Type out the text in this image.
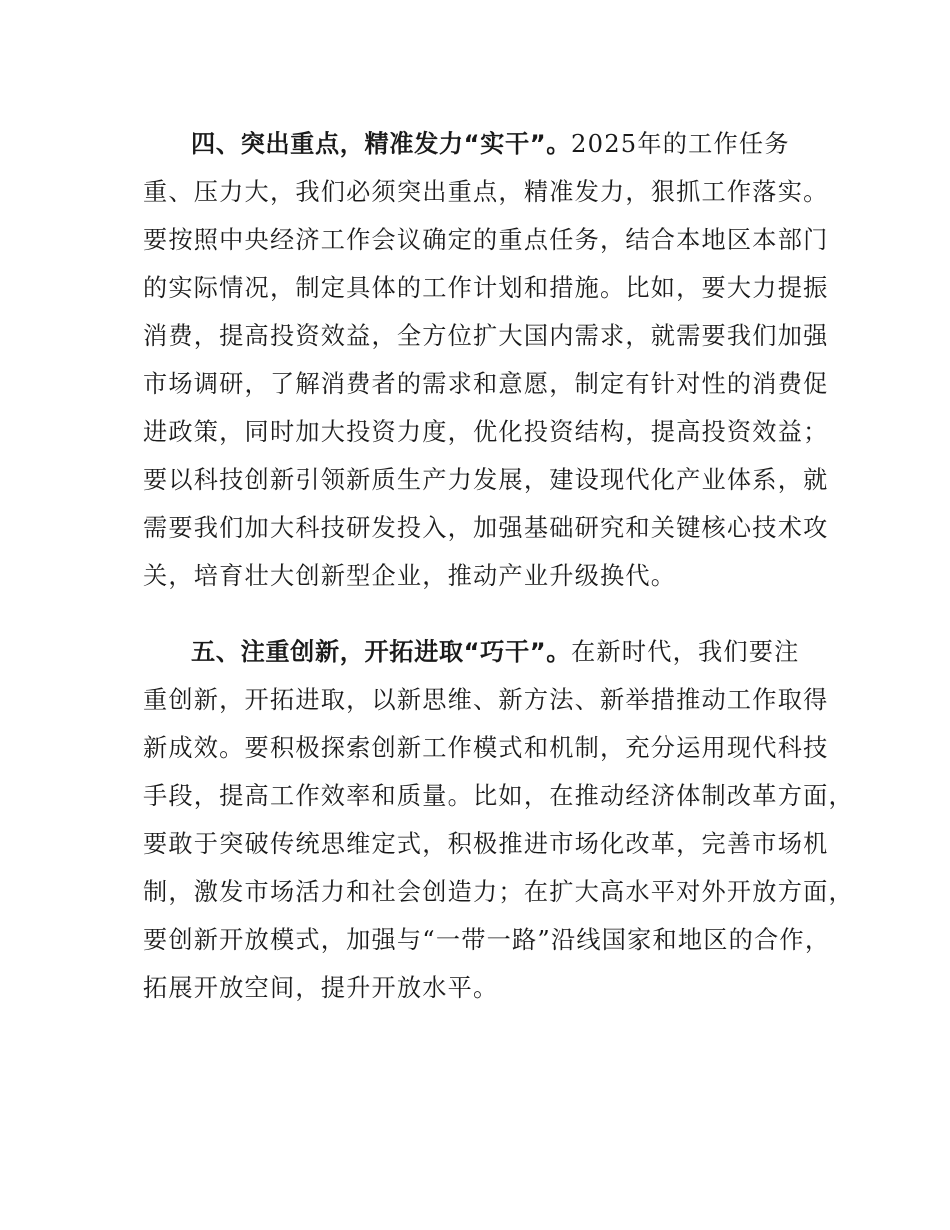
四、突出重点，精准发力“实干”。2025年的工作任务
重、压力大，我们必须突出重点，精准发力，狠抓工作落实。
要按照中央经济工作会议确定的重点任务，结合本地区本部门
的实际情况，制定具体的工作计划和措施。比如，要大力提振
消费，提高投资效益，全方位扩大国内需求，就需要我们加强
市场调研，了解消费者的需求和意愿，制定有针对性的消费促
进政策，同时加大投资力度，优化投资结构，提高投资效益；
要以科技创新引领新质生产力发展，建设现代化产业体系，就
需要我们加大科技研发投入，加强基础研究和关键核心技术攻
关，培育壮大创新型企业，推动产业升级换代。
五、注重创新，开拓进取“巧干”。在新时代，我们要注
重创新，开拓进取，以新思维、新方法、新举措推动工作取得
新成效。要积极探索创新工作模式和机制，充分运用现代科技
手段，提高工作效率和质量。比如，在推动经济体制改革方面，
要敢于突破传统思维定式，积极推进市场化改革，完善市场机
制，激发市场活力和社会创造力；在扩大高水平对外开放方面，
要创新开放模式，加强与“一带一路”沿线国家和地区的合作，
拓展开放空间，提升开放水平。
